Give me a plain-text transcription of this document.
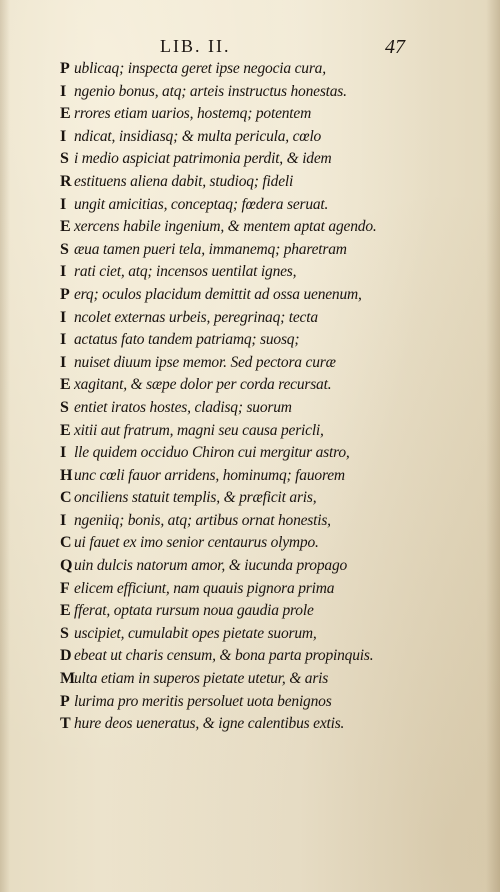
LIB. II.	47
P ublicaq; inspecta geret ipse negocia cura,
I ngenio bonus, atq; arteis instructus honestas.
E rrores etiam uarios, hostemq; potentem
I ndicat, insidiasq; & multa pericula, cœlo
S i medio aspiciat patrimonia perdit, & idem
R estituens aliena dabit, studioq; fideli
I ungit amicitias, conceptaq; fœdera seruat.
E xercens habile ingenium, & mentem aptat agendo.
S æua tamen pueri tela, immanemq; pharetram
I rati ciet, atq; incensos uentilat ignes,
P erq; oculos placidum demittit ad ossa uenenum,
I ncolet externas urbeis, peregrinaq; tecta
I actatus fato tandem patriamq; suosq;
I nuiset diuum ipse memor. Sed pectora curæ
E xagitant, & sæpe dolor per corda recursat.
S entiet iratos hostes, cladisq; suorum
E xitii aut fratrum, magni seu causa pericli,
I lle quidem occiduo Chiron cui mergitur astro,
H unc cœli fauor arridens, hominumq; fauorem
C onciliens statuit templis, & præficit aris,
I ngeniiq; bonis, atq; artibus ornat honestis,
C ui fauet ex imo senior centaurus olympo.
Q uin dulcis natorum amor, & iucunda propago
F elicem efficiunt, nam quauis pignora prima
E fferat, optata rursum noua gaudia prole
S uscipiet, cumulabit opes pietate suorum,
D ebeat ut charis censum, & bona parta propinquis.
Multa etiam in superos pietate utetur, & aris
P lurima pro meritis persoluet uota benignos
T hure deos ueneratus, & igne calentibus extis.
